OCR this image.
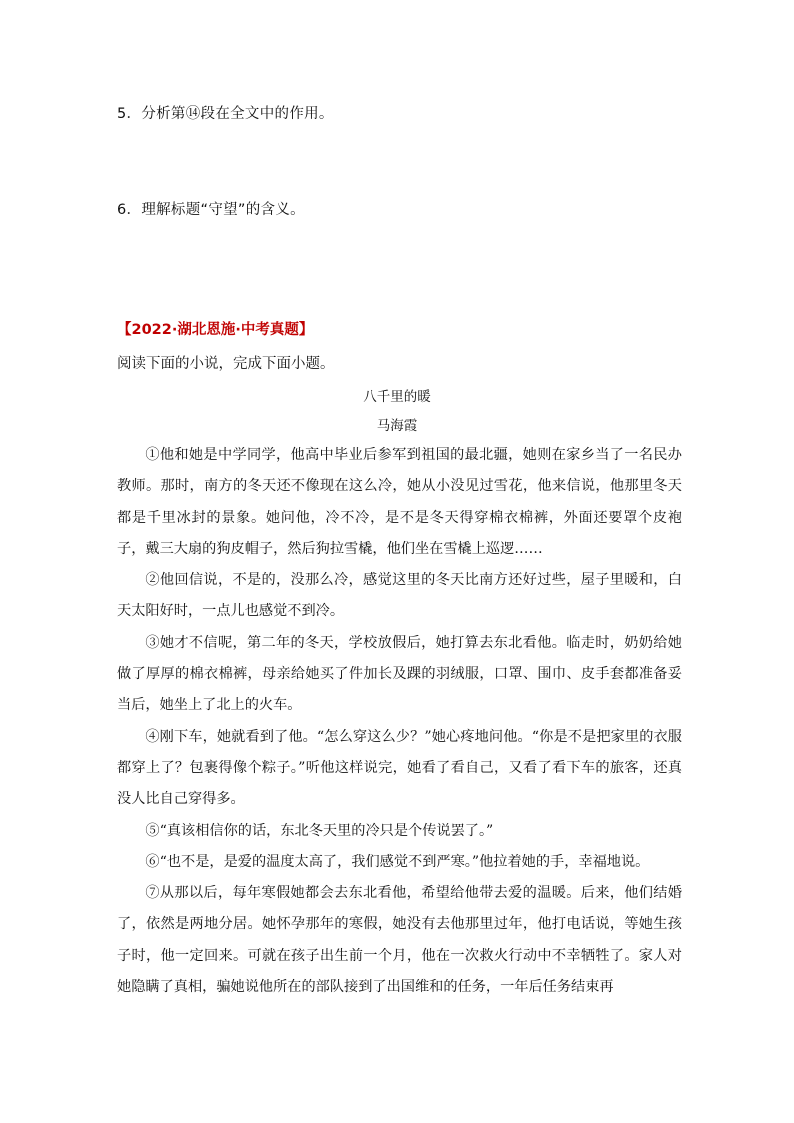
5．分析第⑭段在全文中的作用。
6．理解标题“守望”的含义。
【2022·湖北恩施·中考真题】
阅读下面的小说，完成下面小题。
八千里的暖
马海霞

①他和她是中学同学，他高中毕业后参军到祖国的最北疆，她则在家乡当了一名民办教师。那时，南方的冬天还不像现在这么冷，她从小没见过雪花，他来信说，他那里冬天都是千里冰封的景象。她问他，冷不冷，是不是冬天得穿棉衣棉裤，外面还要罩个皮袍子，戴三大扇的狗皮帽子，然后狗拉雪橇，他们坐在雪橇上巡逻……

②他回信说，不是的，没那么冷，感觉这里的冬天比南方还好过些，屋子里暖和，白天太阳好时，一点儿也感觉不到冷。

③她才不信呢，第二年的冬天，学校放假后，她打算去东北看他。临走时，奶奶给她做了厚厚的棉衣棉裤，母亲给她买了件加长及踝的羽绒服，口罩、围巾、皮手套都准备妥当后，她坐上了北上的火车。

④刚下车，她就看到了他。“怎么穿这么少？”她心疼地问他。“你是不是把家里的衣服都穿上了？包裹得像个粽子。”听他这样说完，她看了看自己，又看了看下车的旅客，还真没人比自己穿得多。

⑤“真该相信你的话，东北冬天里的冷只是个传说罢了。”

⑥“也不是，是爱的温度太高了，我们感觉不到严寒。”他拉着她的手，幸福地说。

⑦从那以后，每年寒假她都会去东北看他，希望给他带去爱的温暖。后来，他们结婚了，依然是两地分居。她怀孕那年的寒假，她没有去他那里过年，他打电话说，等她生孩子时，他一定回来。可就在孩子出生前一个月，他在一次救火行动中不幸牺牲了。家人对她隐瞒了真相，骗她说他所在的部队接到了出国维和的任务，一年后任务结束再
